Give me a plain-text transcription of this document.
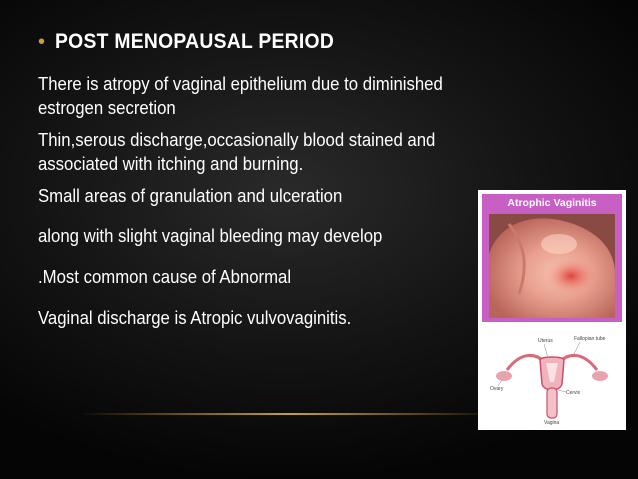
• POST MENOPAUSAL PERIOD
There is atropy of vaginal epithelium due to diminished
estrogen secretion
Thin,serous discharge,occasionally blood stained and
associated with itching and burning.
Small areas of granulation and ulceration
along with slight vaginal bleeding may develop
.Most common cause of Abnormal
Vaginal discharge is Atropic vulvovaginitis.
Atrophic Vaginitis
Uterus	Fallopian tube
Ovary
Cervix
Vagina
